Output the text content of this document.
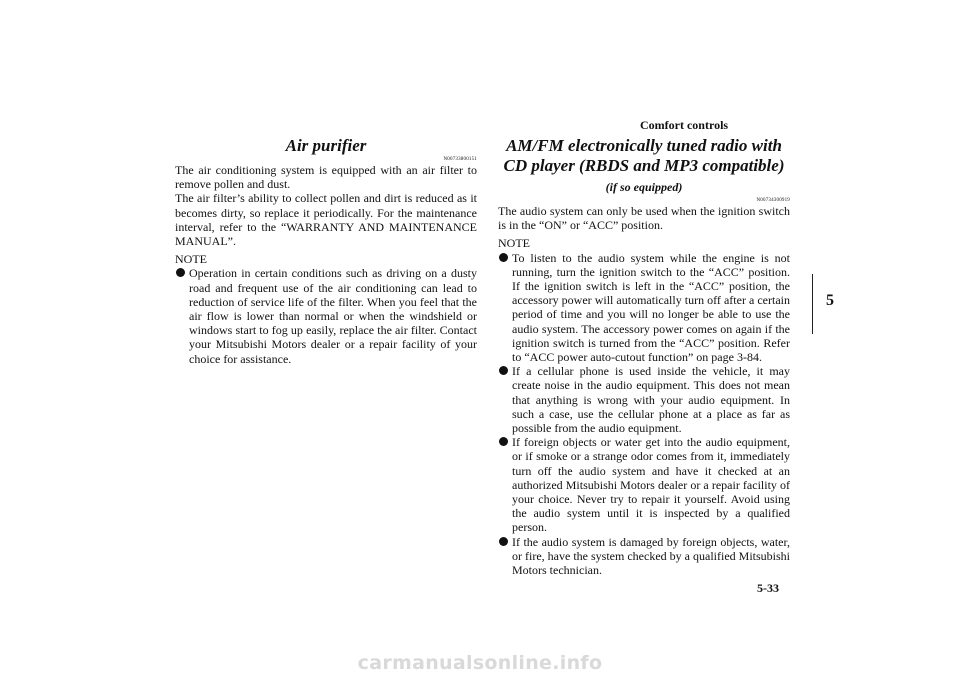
Comfort controls
5
Air purifier
N00733800151

The air conditioning system is equipped with an air filter to remove pollen and dust.

The air filter’s ability to collect pollen and dirt is reduced as it becomes dirty, so replace it periodically. For the maintenance interval, refer to the “WARRANTY AND MAINTENANCE MANUAL”.

NOTE

Operation in certain conditions such as driving on a dusty road and frequent use of the air conditioning can lead to reduction of service life of the filter. When you feel that the air flow is lower than normal or when the windshield or windows start to fog up easily, replace the air filter. Contact your Mitsubishi Motors dealer or a repair facility of your choice for assistance.
AM/FM electronically tuned radio with CD player (RBDS and MP3 compatible) (if so equipped)
N00734300919

The audio system can only be used when the ignition switch is in the “ON” or “ACC” position.

NOTE

To listen to the audio system while the engine is not running, turn the ignition switch to the “ACC” position. If the ignition switch is left in the “ACC” position, the accessory power will automatically turn off after a certain period of time and you will no longer be able to use the audio system. The accessory power comes on again if the ignition switch is turned from the “ACC” position. Refer to “ACC power auto-cutout function” on page 3-84.
If a cellular phone is used inside the vehicle, it may create noise in the audio equipment. This does not mean that anything is wrong with your audio equipment. In such a case, use the cellular phone at a place as far as possible from the audio equipment.
If foreign objects or water get into the audio equipment, or if smoke or a strange odor comes from it, immediately turn off the audio system and have it checked at an authorized Mitsubishi Motors dealer or a repair facility of your choice. Never try to repair it yourself. Avoid using the audio system until it is inspected by a qualified person.
If the audio system is damaged by foreign objects, water, or fire, have the system checked by a qualified Mitsubishi Motors technician.
5-33
carmanualsonline.info
